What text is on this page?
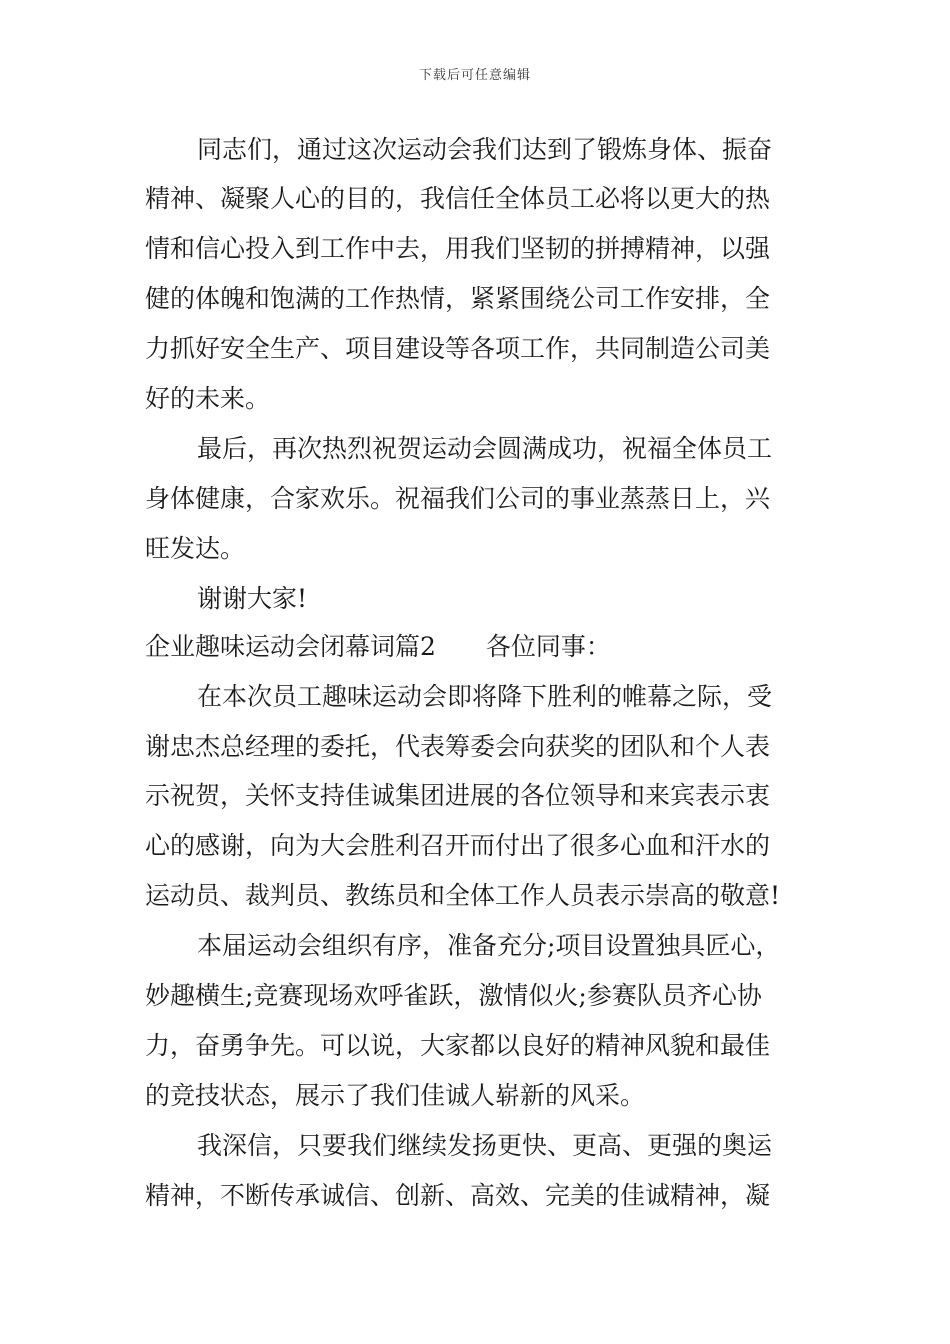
下载后可任意编辑
同志们，通过这次运动会我们达到了锻炼身体、振奋
精神、凝聚人心的目的，我信任全体员工必将以更大的热
情和信心投入到工作中去，用我们坚韧的拼搏精神，以强
健的体魄和饱满的工作热情，紧紧围绕公司工作安排，全
力抓好安全生产、项目建设等各项工作，共同制造公司美
好的未来。
最后，再次热烈祝贺运动会圆满成功，祝福全体员工
身体健康，合家欢乐。祝福我们公司的事业蒸蒸日上，兴
旺发达。
谢谢大家!
企业趣味运动会闭幕词篇2　　各位同事：
在本次员工趣味运动会即将降下胜利的帷幕之际，受
谢忠杰总经理的委托，代表筹委会向获奖的团队和个人表
示祝贺，关怀支持佳诚集团进展的各位领导和来宾表示衷
心的感谢，向为大会胜利召开而付出了很多心血和汗水的
运动员、裁判员、教练员和全体工作人员表示崇高的敬意!
本届运动会组织有序，准备充分;项目设置独具匠心，
妙趣横生;竞赛现场欢呼雀跃，激情似火;参赛队员齐心协
力，奋勇争先。可以说，大家都以良好的精神风貌和最佳
的竞技状态，展示了我们佳诚人崭新的风采。
我深信，只要我们继续发扬更快、更高、更强的奥运
精神，不断传承诚信、创新、高效、完美的佳诚精神，凝
